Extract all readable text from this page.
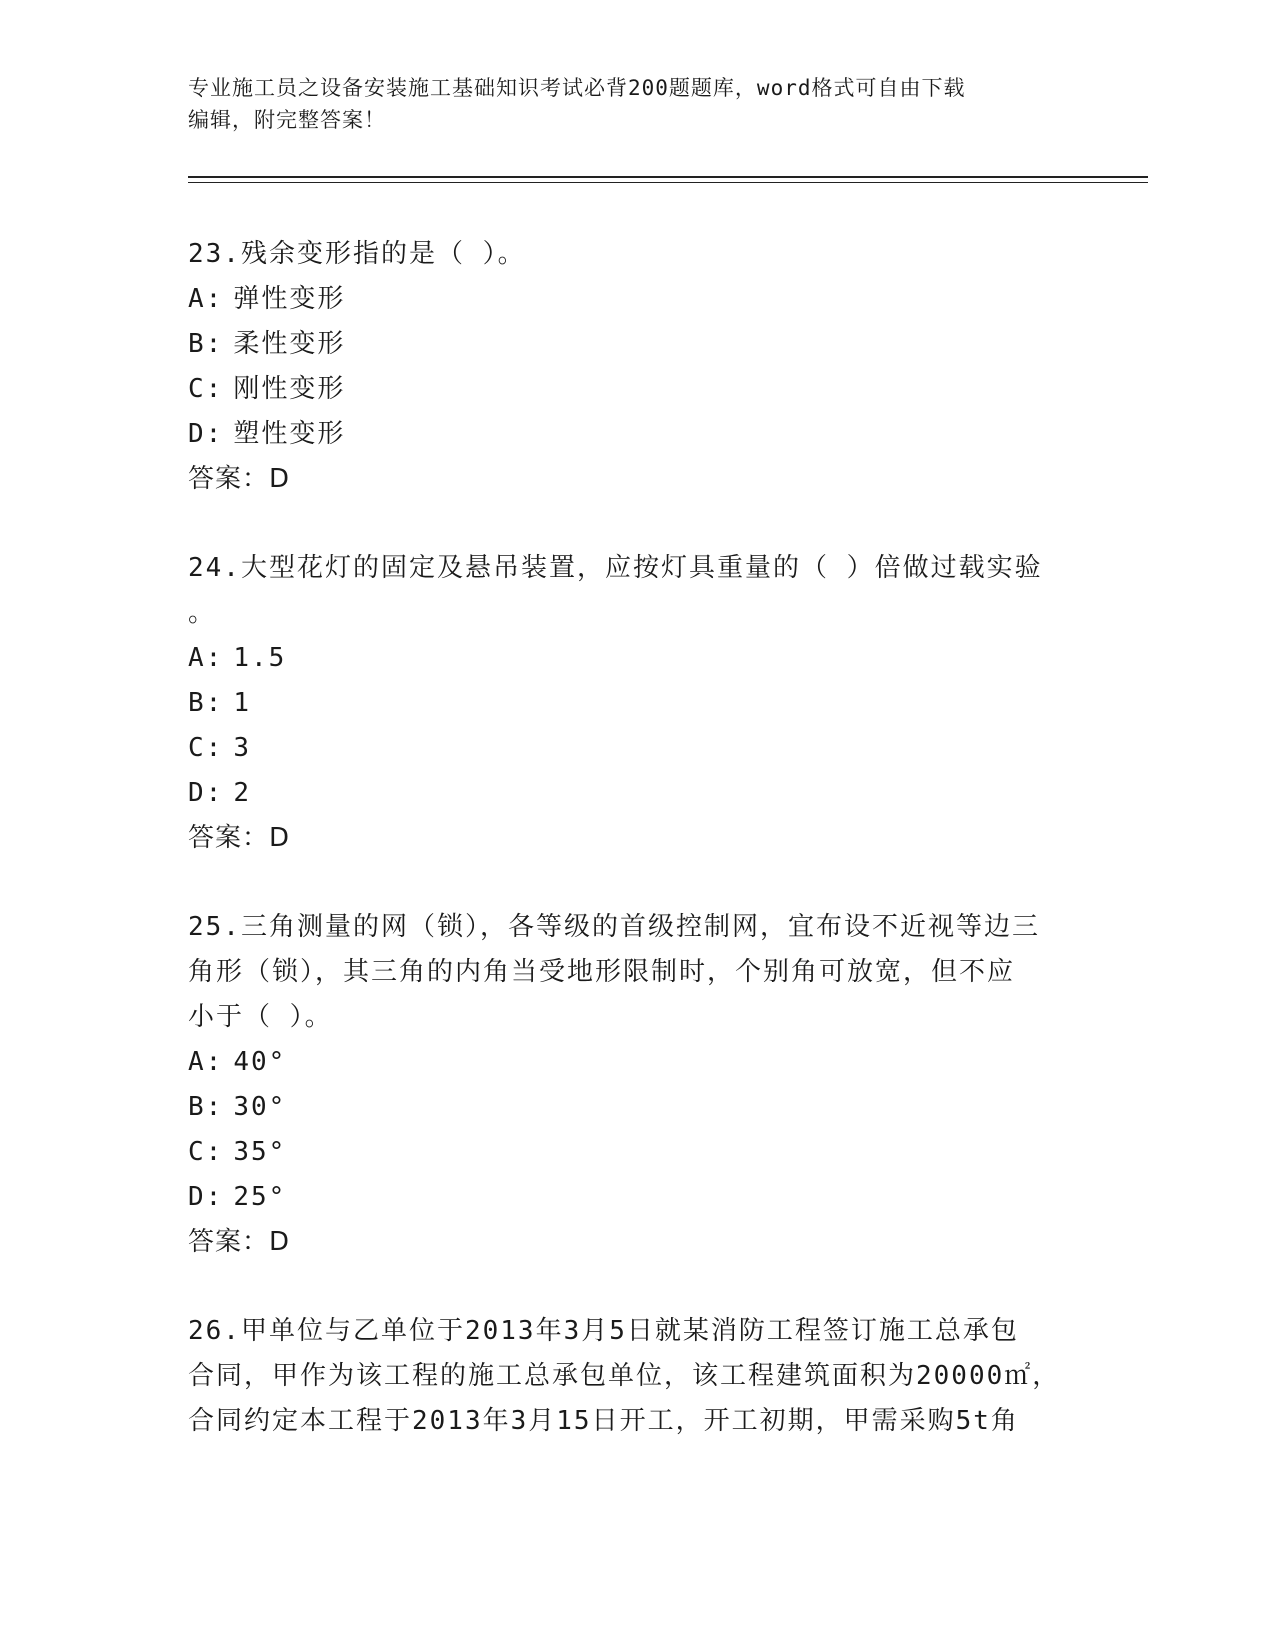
专业施工员之设备安装施工基础知识考试必背200题题库，word格式可自由下载
编辑，附完整答案！
23.残余变形指的是（ ）。
A: 弹性变形
B: 柔性变形
C: 刚性变形
D: 塑性变形
答案：D
24.大型花灯的固定及悬吊装置，应按灯具重量的（ ）倍做过载实验
。
A: 1.5
B: 1
C: 3
D: 2
答案：D
25.三角测量的网（锁），各等级的首级控制网，宜布设不近视等边三
角形（锁），其三角的内角当受地形限制时，个别角可放宽，但不应
小于（ ）。
A: 40°
B: 30°
C: 35°
D: 25°
答案：D
26.甲单位与乙单位于2013年3月5日就某消防工程签订施工总承包
合同，甲作为该工程的施工总承包单位，该工程建筑面积为20000㎡，
合同约定本工程于2013年3月15日开工，开工初期，甲需采购5t角
